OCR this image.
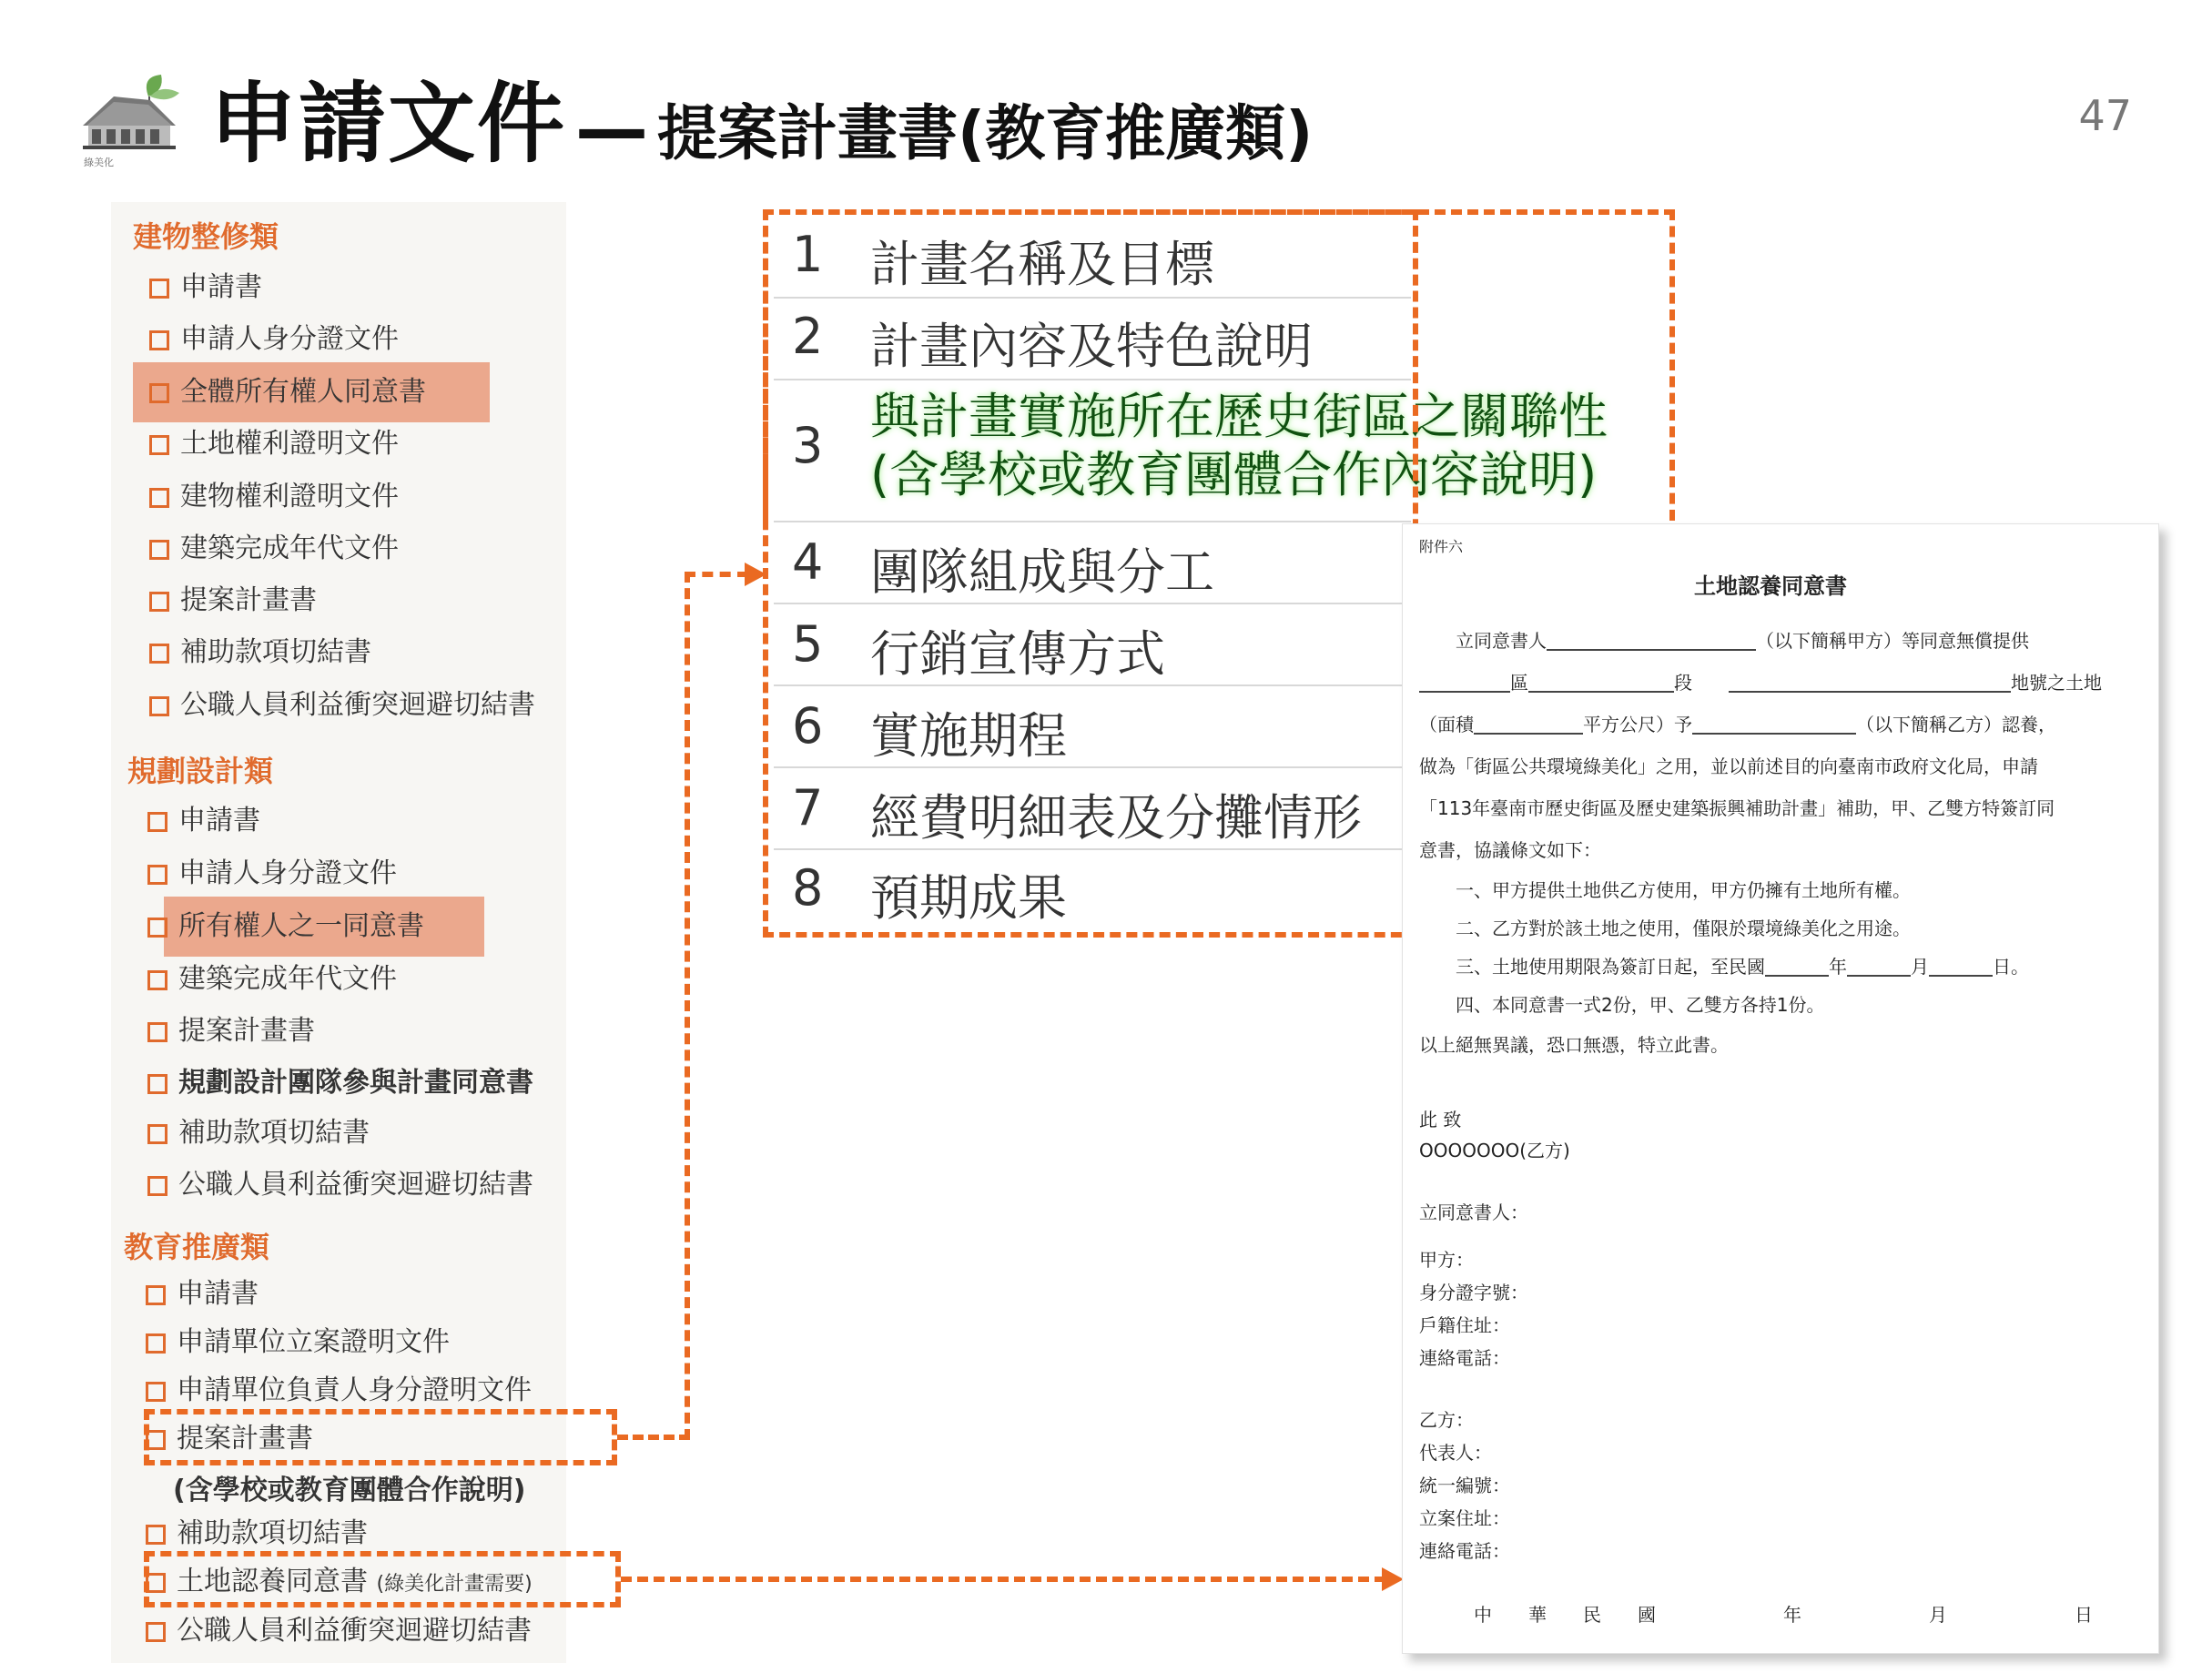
綠美化 申請文件 — 提案計畫書(教育推廣類)	47
建物整修類
申請書
申請人身分證文件
全體所有權人同意書
土地權利證明文件
建物權利證明文件
建築完成年代文件
提案計畫書
補助款項切結書
公職人員利益衝突迴避切結書
規劃設計類
申請書
申請人身分證文件
所有權人之一同意書
建築完成年代文件
提案計畫書
規劃設計團隊參與計畫同意書
補助款項切結書
公職人員利益衝突迴避切結書
教育推廣類
申請書
申請單位立案證明文件
申請單位負責人身分證明文件
提案計畫書
(含學校或教育團體合作說明)
補助款項切結書
土地認養同意書 (綠美化計畫需要)
公職人員利益衝突迴避切結書
1 計畫名稱及目標
2 計畫內容及特色說明
3
與計畫實施所在歷史街區之關聯性
(含學校或教育團體合作內容說明)
4 團隊組成與分工
5 行銷宣傳方式
6 實施期程
7 經費明細表及分攤情形
8 預期成果
附件六
土地認養同意書
立同意書人	（以下簡稱甲方）等同意無償提供
區	段	地號之土地
（面積	平方公尺）予	（以下簡稱乙方）認養，
做為「街區公共環境綠美化」之用，並以前述目的向臺南市政府文化局，申請
「113年臺南市歷史街區及歷史建築振興補助計畫」補助，甲、乙雙方特簽訂同
意書，協議條文如下：
一、甲方提供土地供乙方使用，甲方仍擁有土地所有權。
二、乙方對於該土地之使用，僅限於環境綠美化之用途。
三、土地使用期限為簽訂日起，至民國	年	月	日。
四、本同意書一式2份，甲、乙雙方各持1份。
以上絕無異議，恐口無憑，特立此書。
此 致
OOOOOOO(乙方)
立同意書人：
甲方：
身分證字號：
戶籍住址：
連絡電話：
乙方：
代表人：
統一編號：
立案住址：
連絡電話：
中 華 民 國	年	月	日
